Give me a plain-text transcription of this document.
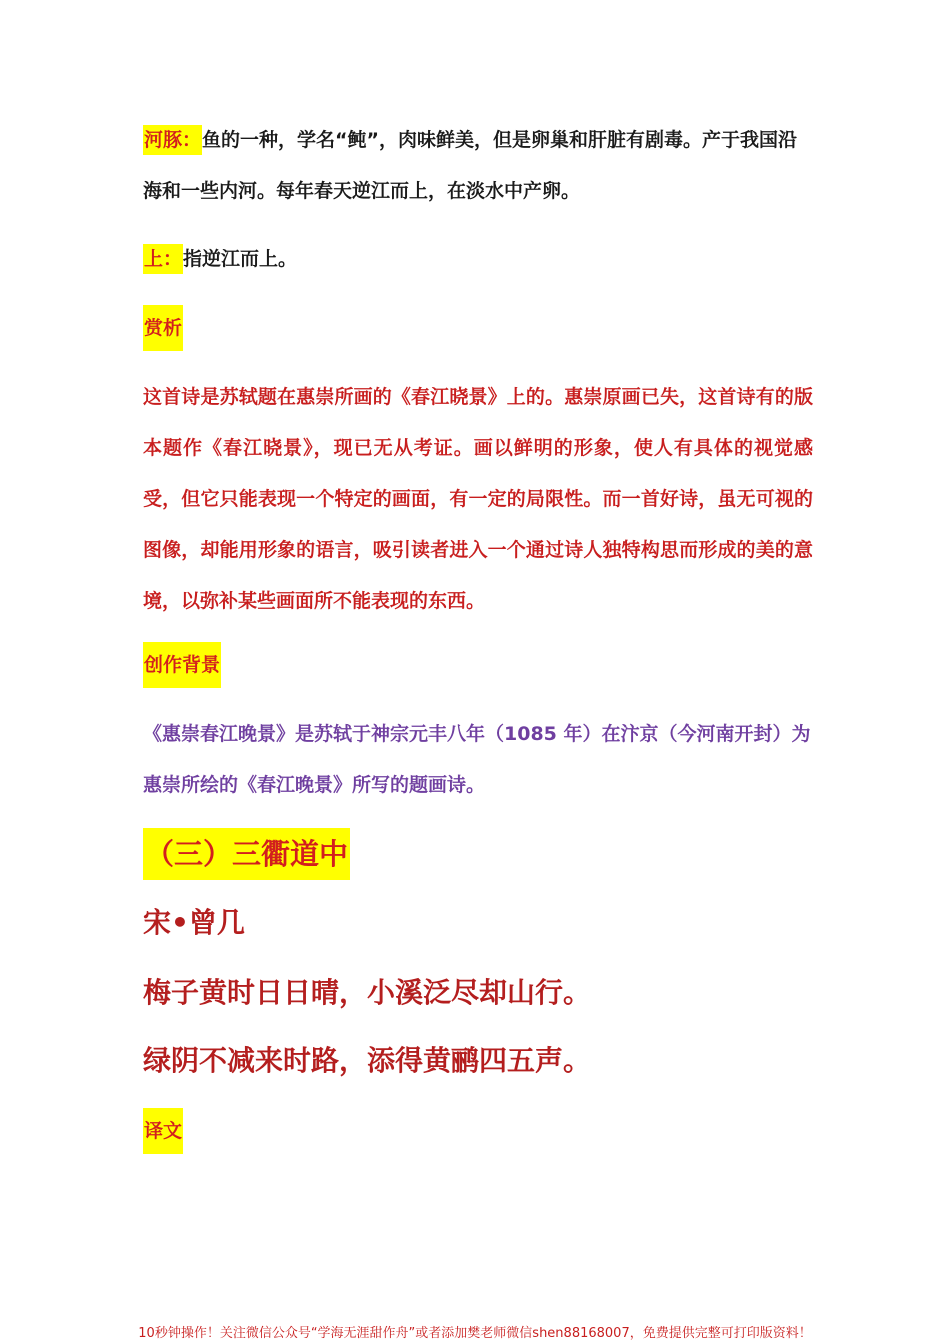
河豚：鱼的一种，学名“鲀”，肉味鲜美，但是卵巢和肝脏有剧毒。产于我国沿海和一些内河。每年春天逆江而上，在淡水中产卵。
上：指逆江而上。
赏析
这首诗是苏轼题在惠崇所画的《春江晓景》上的。惠崇原画已失，这首诗有的版本题作《春江晓景》，现已无从考证。画以鲜明的形象，使人有具体的视觉感受，但它只能表现一个特定的画面，有一定的局限性。而一首好诗，虽无可视的图像，却能用形象的语言，吸引读者进入一个通过诗人独特构思而形成的美的意境，以弥补某些画面所不能表现的东西。
创作背景
《惠崇春江晚景》是苏轼于神宗元丰八年（1085 年）在汴京（今河南开封）为惠崇所绘的《春江晚景》所写的题画诗。
（三）三衢道中
宋•曾几
梅子黄时日日晴，小溪泛尽却山行。
绿阴不减来时路，添得黄鹂四五声。
译文
10秒钟操作！关注微信公众号“学海无涯甜作舟”或者添加樊老师微信shen88168007，免费提供完整可打印版资料！
